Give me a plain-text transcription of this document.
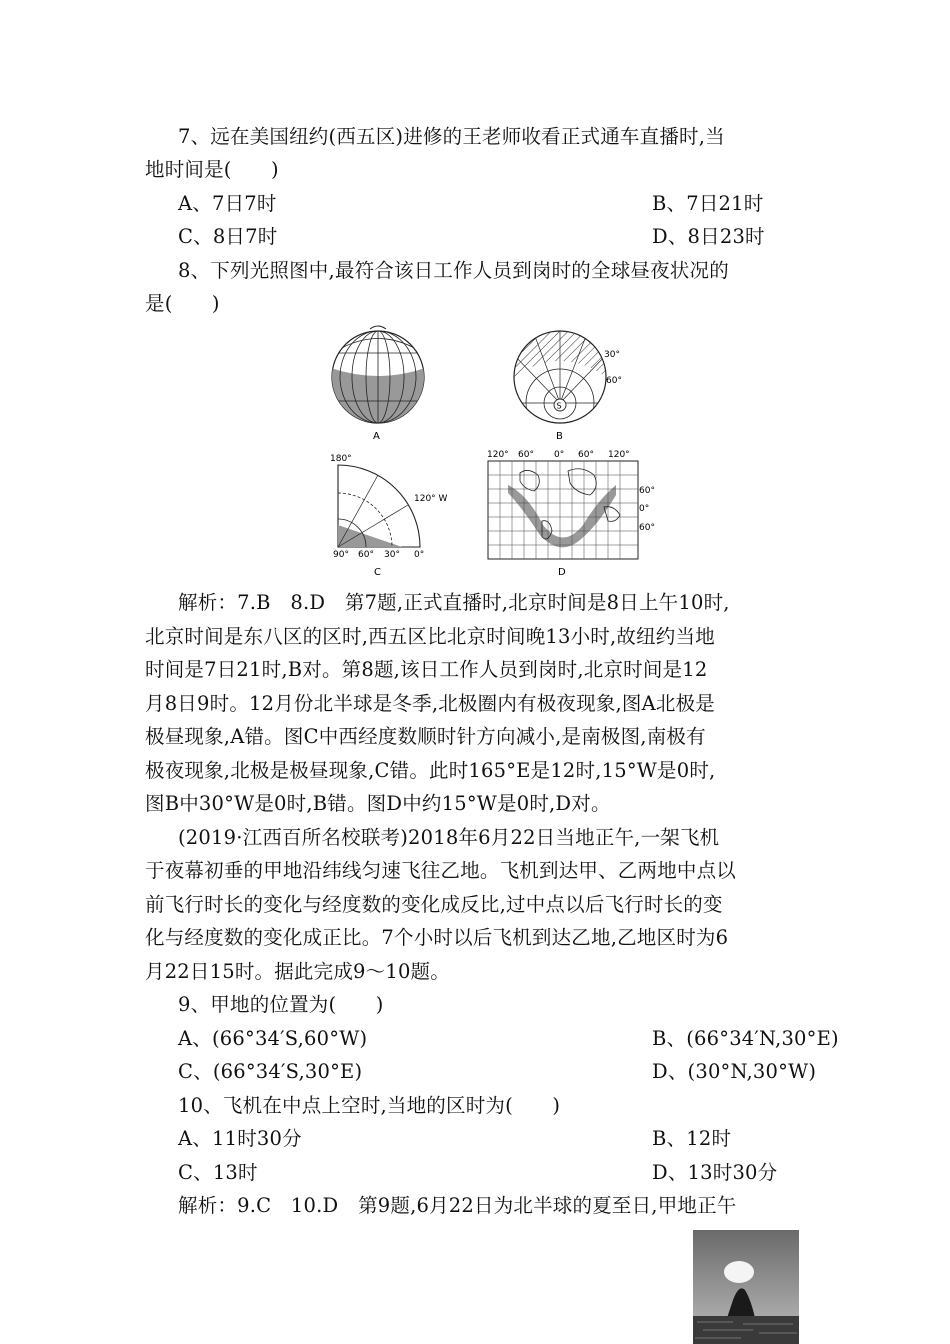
7、远在美国纽约(西五区)进修的王老师收看正式通车直播时,当
地时间是(　　)
A、7日7时	B、7日21时
C、8日7时	D、8日23时
8、下列光照图中,最符合该日工作人员到岗时的全球昼夜状况的
是(　　)
A
S
30°
60°
B
180°
120° W
90° 60° 30° 0°
C
120° 60° 0° 60° 120°
60°
0°
60°
D
解析：7.B　8.D　第7题,正式直播时,北京时间是8日上午10时,
北京时间是东八区的区时,西五区比北京时间晚13小时,故纽约当地
时间是7日21时,B对。第8题,该日工作人员到岗时,北京时间是12
月8日9时。12月份北半球是冬季,北极圈内有极夜现象,图A北极是
极昼现象,A错。图C中西经度数顺时针方向减小,是南极图,南极有
极夜现象,北极是极昼现象,C错。此时165°E是12时,15°W是0时,
图B中30°W是0时,B错。图D中约15°W是0时,D对。
(2019·江西百所名校联考)2018年6月22日当地正午,一架飞机
于夜幕初垂的甲地沿纬线匀速飞往乙地。飞机到达甲、乙两地中点以
前飞行时长的变化与经度数的变化成反比,过中点以后飞行时长的变
化与经度数的变化成正比。7个小时以后飞机到达乙地,乙地区时为6
月22日15时。据此完成9～10题。
9、甲地的位置为(　　)
A、(66°34′S,60°W)	B、(66°34′N,30°E)
C、(66°34′S,30°E)	D、(30°N,30°W)
10、飞机在中点上空时,当地的区时为(　　)
A、11时30分	B、12时
C、13时	D、13时30分
解析：9.C　10.D　第9题,6月22日为北半球的夏至日,甲地正午
